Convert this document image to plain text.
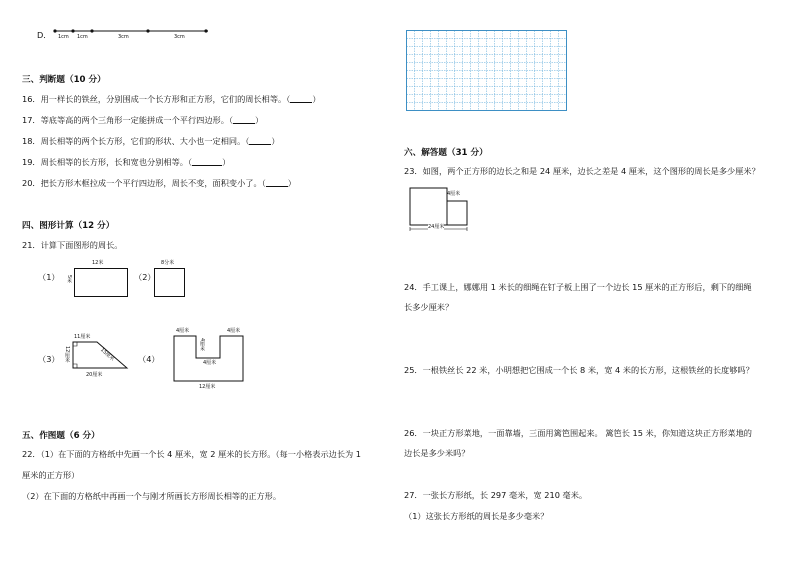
D． 1cm 1cm	3cm	3cm
三、判断题（10 分）
16．用一样长的铁丝，分别围成一个长方形和正方形，它们的周长相等。（	）
17．等底等高的两个三角形一定能拼成一个平行四边形。（	）
18．周长相等的两个长方形，它们的形状、大小也一定相同。（	）
19．周长相等的长方形，长和宽也分别相等。（	）
20．把长方形木框拉成一个平行四边形，周长不变，面积变小了。（	）
四、图形计算（12 分）
21．计算下面图形的周长。
（1）
12米
5米	（2）
8分米
（3）
11厘米
12厘米	15厘米
20厘米
（4）
4厘米	4厘米
4厘米
4厘米
12厘米
五、作图题（6 分）
22．（1）在下面的方格纸中先画一个长 4 厘米，宽 2 厘米的长方形。（每一小格表示边长为 1
厘米的正方形）
（2）在下面的方格纸中再画一个与刚才所画长方形周长相等的正方形。
六、解答题（31 分）
23．如图，两个正方形的边长之和是 24 厘米，边长之差是 4 厘米，这个图形的周长是多少厘米？
4厘米
24厘米
24．手工课上，娜娜用 1 米长的细绳在钉子板上围了一个边长 15 厘米的正方形后，剩下的细绳
长多少厘米？
25．一根铁丝长 22 米，小明想把它围成一个长 8 米，宽 4 米的长方形，这根铁丝的长度够吗？
26．一块正方形菜地，一面靠墙，三面用篱笆围起来。 篱笆长 15 米，你知道这块正方形菜地的
边长是多少米吗？
27．一张长方形纸，长 297 毫米，宽 210 毫米。
（1）这张长方形纸的周长是多少毫米？
